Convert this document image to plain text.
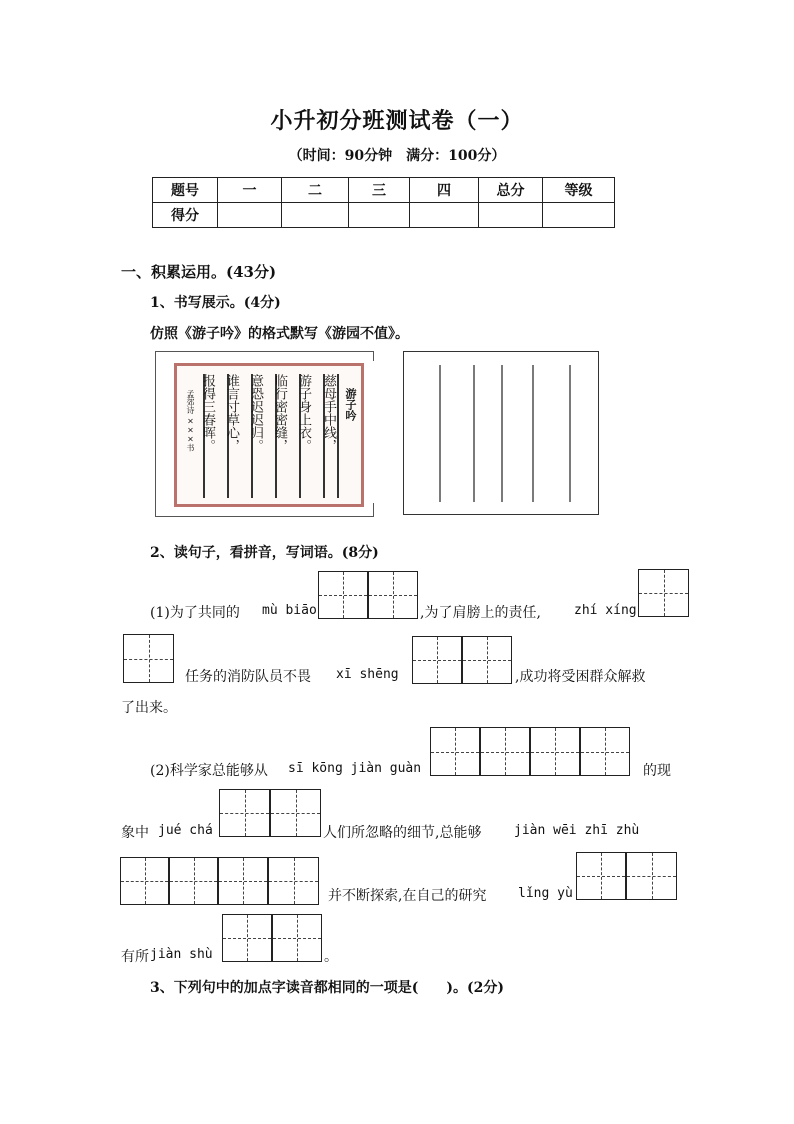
小升初分班测试卷（一）
（时间：90分钟　满分：100分）
题号	一	二	三	四	总分	等级
得分						
一、积累运用。(43分)
1、书写展示。(4分)
仿照《游子吟》的格式默写《游园不值》。
游子吟
慈母手中线，
游子身上衣。
临行密密缝，
意恐迟迟归。
谁言寸草心，
报得三春晖。
孟郊诗 ×××书
2、读句子，看拼音，写词语。(8分)
(1)为了共同的 mù biāo	,为了肩膀上的责任,	zhí xíng
任务的消防队员不畏 xī shēng	,成功将受困群众解救
了出来。
(2)科学家总能够从 sī kōng jiàn guàn	的现
象中 jué chá	人们所忽略的细节,总能够	jiàn wēi zhī zhù
并不断探索,在自己的研究 lǐng yù
有所 jiàn shù	。
3、下列句中的加点字读音都相同的一项是(　　)。(2分)
